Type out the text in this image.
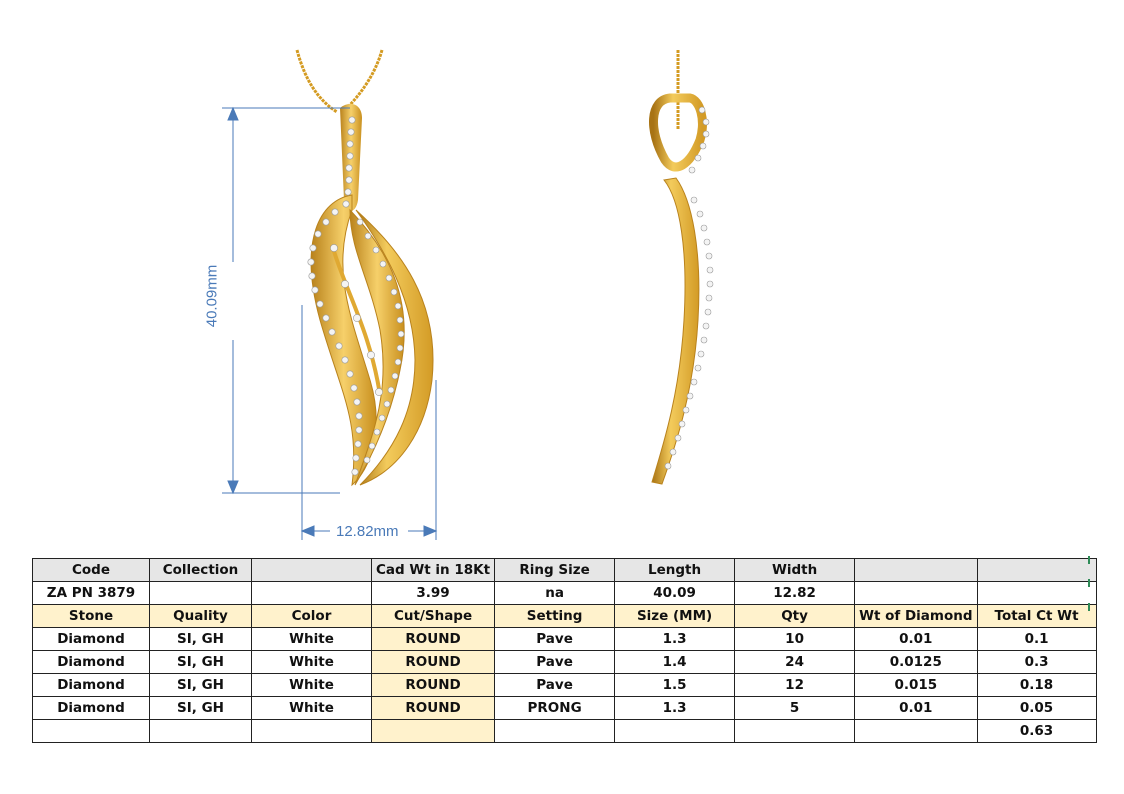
40.09mm
12.82mm
Code	Collection		Cad Wt in 18Kt	Ring Size	Length	Width		
ZA PN 3879			3.99	na	40.09	12.82		
Stone	Quality	Color	Cut/Shape	Setting	Size (MM)	Qty	Wt of Diamond	Total Ct Wt
Diamond	SI, GH	White	ROUND	Pave	1.3	10	0.01	0.1
Diamond	SI, GH	White	ROUND	Pave	1.4	24	0.0125	0.3
Diamond	SI, GH	White	ROUND	Pave	1.5	12	0.015	0.18
Diamond	SI, GH	White	ROUND	PRONG	1.3	5	0.01	0.05
								0.63
